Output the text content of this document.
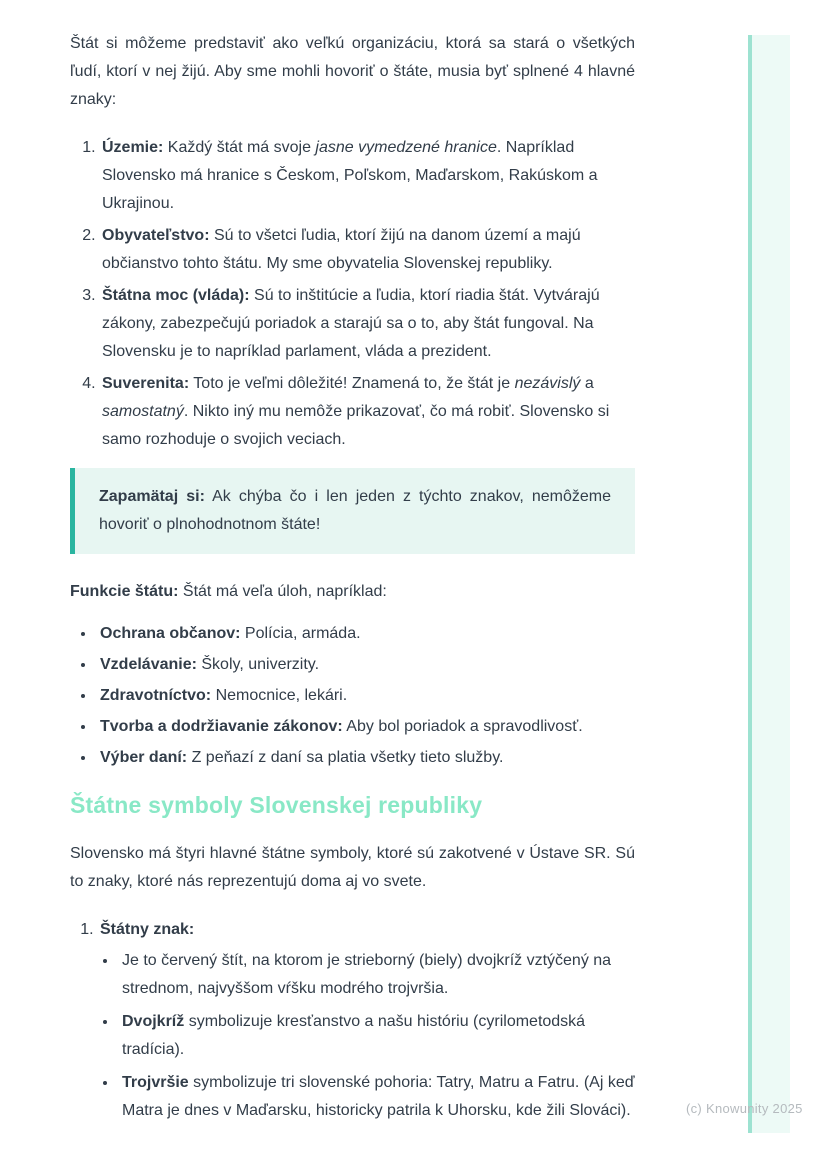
(c) Knowunity 2025

Štát si môžeme predstaviť ako veľkú organizáciu, ktorá sa stará o všetkých ľudí, ktorí v nej žijú. Aby sme mohli hovoriť o štáte, musia byť splnené 4 hlavné znaky:

1. Územie: Každý štát má svoje jasne vymedzené hranice. Napríklad Slovensko má hranice s Českom, Poľskom, Maďarskom, Rakúskom a Ukrajinou.
2. Obyvateľstvo: Sú to všetci ľudia, ktorí žijú na danom území a majú občianstvo tohto štátu. My sme obyvatelia Slovenskej republiky.
3. Štátna moc (vláda): Sú to inštitúcie a ľudia, ktorí riadia štát. Vytvárajú zákony, zabezpečujú poriadok a starajú sa o to, aby štát fungoval. Na Slovensku je to napríklad parlament, vláda a prezident.
4. Suverenita: Toto je veľmi dôležité! Znamená to, že štát je nezávislý a samostatný. Nikto iný mu nemôže prikazovať, čo má robiť. Slovensko si samo rozhoduje o svojich veciach.
Zapamätaj si: Ak chýba čo i len jeden z týchto znakov, nemôžeme hovoriť o plnohodnotnom štáte!

Funkcie štátu: Štát má veľa úloh, napríklad:

• Ochrana občanov: Polícia, armáda.
• Vzdelávanie: Školy, univerzity.
• Zdravotníctvo: Nemocnice, lekári.
• Tvorba a dodržiavanie zákonov: Aby bol poriadok a spravodlivosť.
• Výber daní: Z peňazí z daní sa platia všetky tieto služby.
Štátne symboly Slovenskej republiky

Slovensko má štyri hlavné štátne symboly, ktoré sú zakotvené v Ústave SR. Sú to znaky, ktoré nás reprezentujú doma aj vo svete.

1. Štátny znak:
• Je to červený štít, na ktorom je strieborný (biely) dvojkríž vztýčený na strednom, najvyššom vŕšku modrého trojvršia.
• Dvojkríž symbolizuje kresťanstvo a našu históriu (cyrilometodská tradícia).
• Trojvršie symbolizuje tri slovenské pohoria: Tatry, Matru a Fatru. (Aj keď Matra je dnes v Maďarsku, historicky patrila k Uhorsku, kde žili Slováci).
